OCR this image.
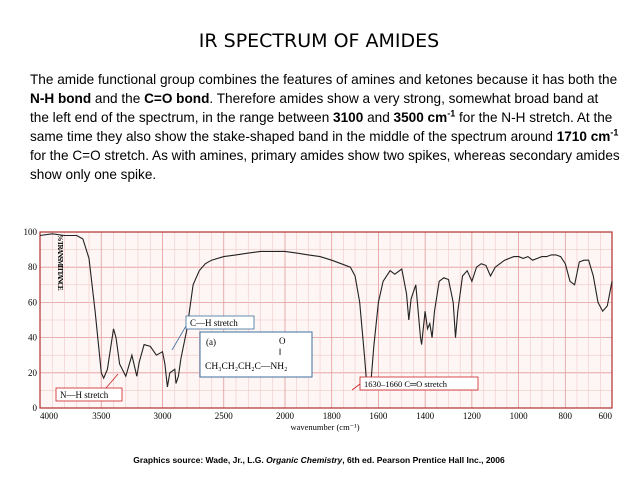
IR SPECTRUM OF AMIDES
The amide functional group combines the features of amines and ketones because it has both the N-H bond and the C=O bond. Therefore amides show a very strong, somewhat broad band at the left end of the spectrum, in the range between 3100 and 3500 $cm^{-1}$ for the N-H stretch. At the same time they also show the stake-shaped band in the middle of the spectrum around 1710 $cm^{-1}$ for the C=O stretch. As with amines, primary amides show two spikes, whereas secondary amides show only one spike.
0
20
40
60
80
100
4000	3500	3000	2500	2000	1800	1600	1400	1200	1000	800	600
% TRANSMITTANCE
(a)	O
‖
CH₃CH₂CH₂C—NH₂
C—H stretch
N—H stretch
1630–1660 C═O stretch
wavenumber (cm⁻¹)
Graphics source: Wade, Jr., L.G. Organic Chemistry, 6th ed. Pearson Prentice Hall Inc., 2006
